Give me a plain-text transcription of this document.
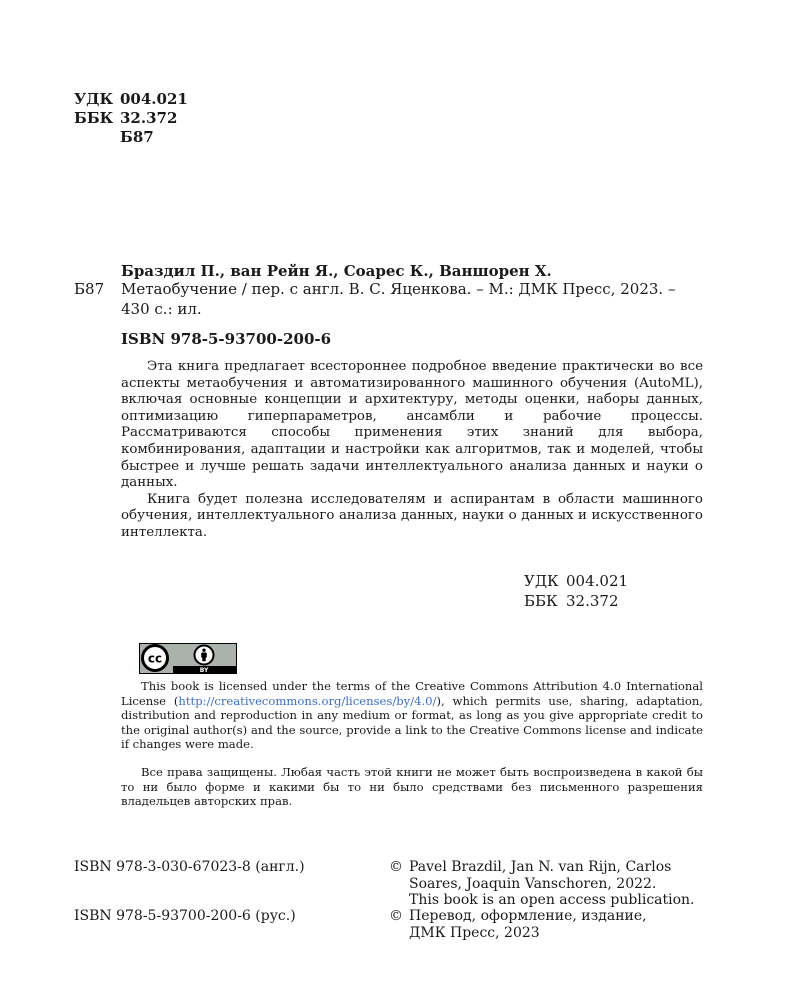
УДК 004.021
ББК 32.372
Б87
Браздил П., ван Рейн Я., Соарес К., Ваншорен Х.
Б87 Метаобучение / пер. с англ. В. С. Яценкова. – М.: ДМК Пресс, 2023. – 430 с.: ил.
ISBN 978-5-93700-200-6

Эта книга предлагает всестороннее подробное введение практически во все аспекты метаобучения и автоматизированного машинного обучения (AutoML), включая основные концепции и архитектуру, методы оценки, наборы данных, оптимизацию гиперпараметров, ансамбли и рабочие процессы. Рассматриваются способы применения этих знаний для выбора, комбинирования, адаптации и настройки как алгоритмов, так и моделей, чтобы быстрее и лучше решать задачи интеллектуального анализа данных и науки о данных.

Книга будет полезна исследователям и аспирантам в области машинного обучения, интеллектуального анализа данных, науки о данных и искусственного интеллекта.

УДК 004.021
ББК 32.372
cc
BY
This book is licensed under the terms of the Creative Commons Attribution 4.0 International License (http://creativecommons.org/licenses/by/4.0/), which permits use, sharing, adaptation, distribution and reproduction in any medium or format, as long as you give appropriate credit to the original author(s) and the source, provide a link to the Creative Commons license and indicate if changes were made.
Все права защищены. Любая часть этой книги не может быть воспроизведена в какой бы то ни было форме и какими бы то ни было средствами без письменного разрешения владельцев авторских прав.
ISBN 978-3-030-67023-8 (англ.)
ISBN 978-5-93700-200-6 (рус.)
© Pavel Brazdil, Jan N. van Rijn, Carlos
Soares, Joaquin Vanschoren, 2022.
This book is an open access publication.
© Перевод, оформление, издание,
ДМК Пресс, 2023
